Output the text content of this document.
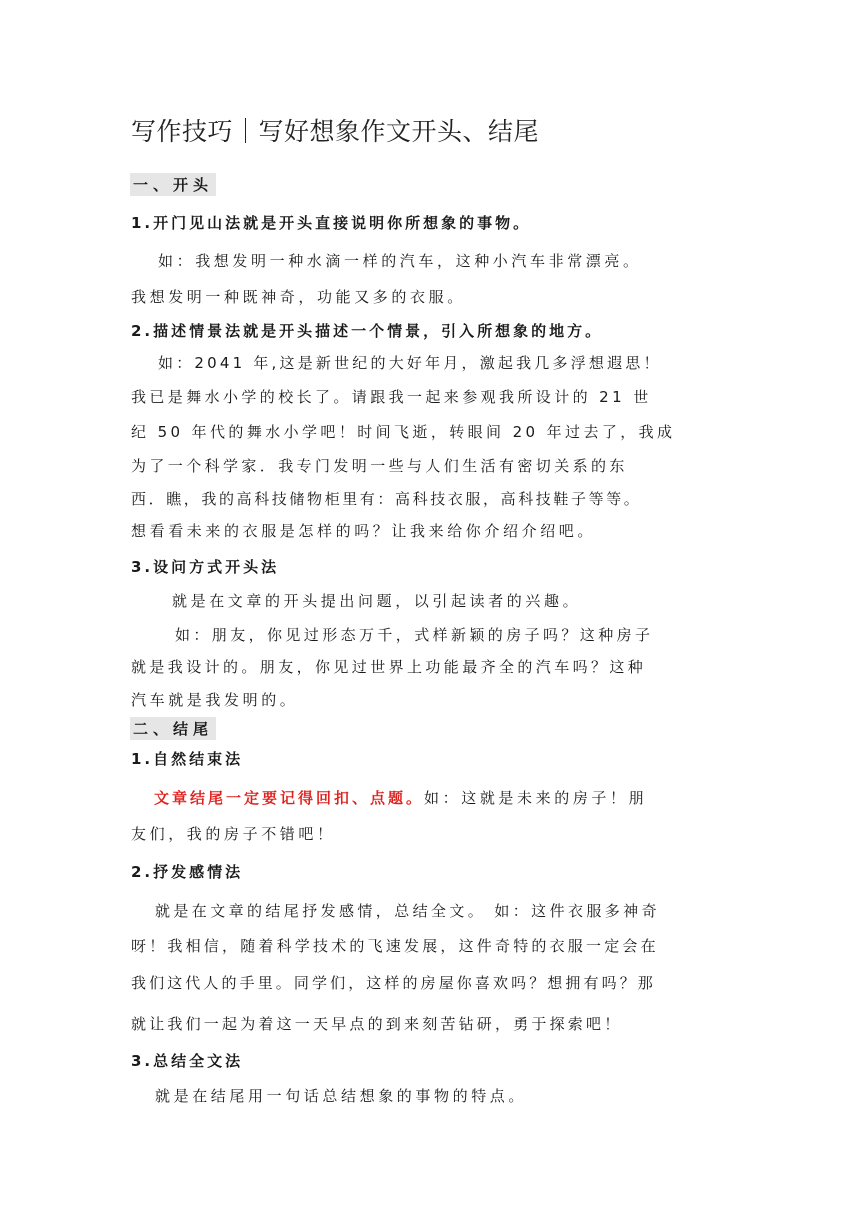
写作技巧｜写好想象作文开头、结尾
一、开头
1.开门见山法就是开头直接说明你所想象的事物。
如：我想发明一种水滴一样的汽车，这种小汽车非常漂亮。
我想发明一种既神奇，功能又多的衣服。
2.描述情景法就是开头描述一个情景，引入所想象的地方。
如：2041 年,这是新世纪的大好年月，激起我几多浮想遐思！
我已是舞水小学的校长了。请跟我一起来参观我所设计的 21 世
纪 50 年代的舞水小学吧！时间飞逝，转眼间 20 年过去了，我成
为了一个科学家．我专门发明一些与人们生活有密切关系的东
西．瞧，我的高科技储物柜里有：高科技衣服，高科技鞋子等等。
想看看未来的衣服是怎样的吗？让我来给你介绍介绍吧。
3.设问方式开头法
就是在文章的开头提出问题，以引起读者的兴趣。
如：朋友，你见过形态万千，式样新颖的房子吗？这种房子
就是我设计的。朋友，你见过世界上功能最齐全的汽车吗？这种
汽车就是我发明的。
二、结尾
1.自然结束法
文章结尾一定要记得回扣、点题。如：这就是未来的房子！朋
友们，我的房子不错吧！
2.抒发感情法
就是在文章的结尾抒发感情，总结全文。 如：这件衣服多神奇
呀！我相信，随着科学技术的飞速发展，这件奇特的衣服一定会在
我们这代人的手里。同学们，这样的房屋你喜欢吗？想拥有吗？那
就让我们一起为着这一天早点的到来刻苦钻研，勇于探索吧！
3.总结全文法
就是在结尾用一句话总结想象的事物的特点。
